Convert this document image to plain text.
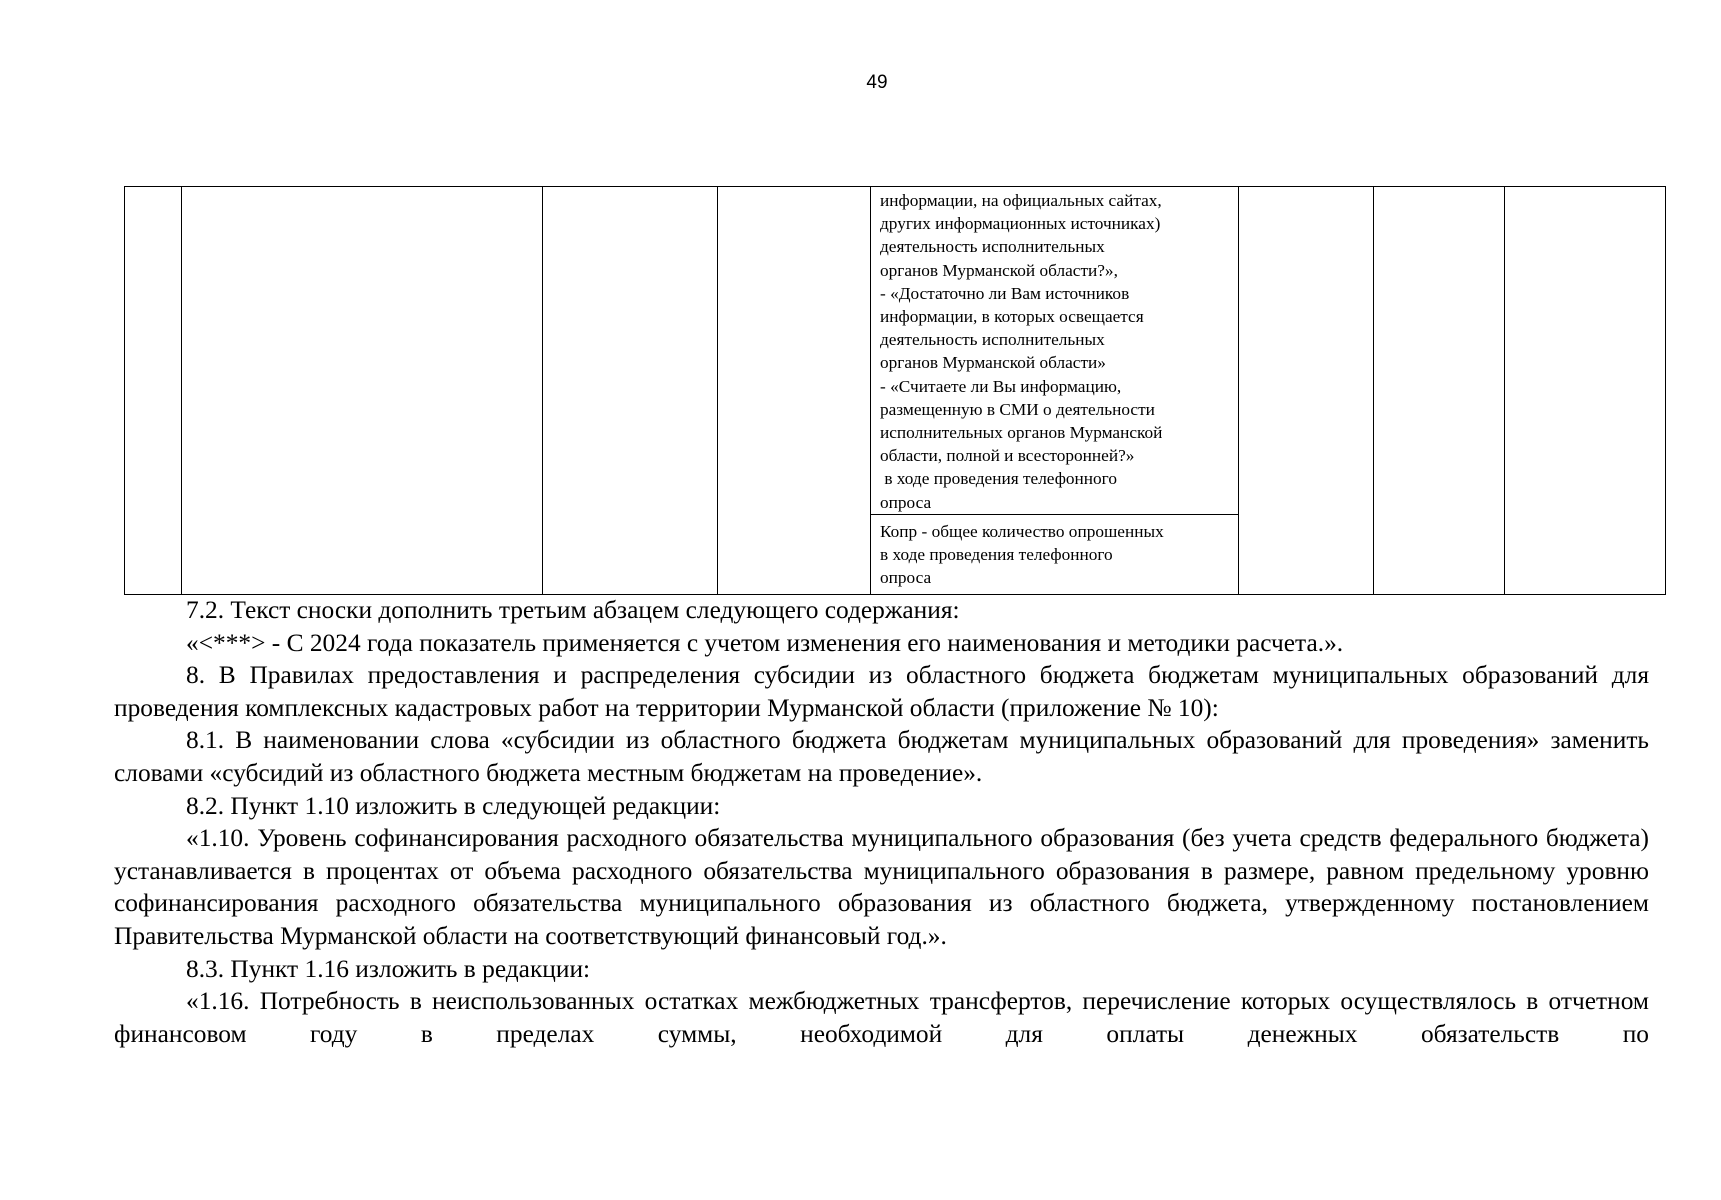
49
информации, на официальных сайтах,
других информационных источниках)
деятельность исполнительных
органов Мурманской области?»,
- «Достаточно ли Вам источников
информации, в которых освещается
деятельность исполнительных
органов Мурманской области»
- «Считаете ли Вы информацию,
размещенную в СМИ о деятельности
исполнительных органов Мурманской
области, полной и всесторонней?»
в ходе проведения телефонного
опроса
Копр - общее количество опрошенных
в ходе проведения телефонного
опроса

7.2. Текст сноски дополнить третьим абзацем следующего содержания:

«<***> - С 2024 года показатель применяется с учетом изменения его наименования и методики расчета.».

8. В Правилах предоставления и распределения субсидии из областного бюджета бюджетам муниципальных образований для проведения комплексных кадастровых работ на территории Мурманской области (приложение № 10):

8.1. В наименовании слова «субсидии из областного бюджета бюджетам муниципальных образований для проведения» заменить словами «субсидий из областного бюджета местным бюджетам на проведение».

8.2. Пункт 1.10 изложить в следующей редакции:

«1.10. Уровень софинансирования расходного обязательства муниципального образования (без учета средств федерального бюджета) устанавливается в процентах от объема расходного обязательства муниципального образования в размере, равном предельному уровню софинансирования расходного обязательства муниципального образования из областного бюджета, утвержденному постановлением Правительства Мурманской области на соответствующий финансовый год.».

8.3. Пункт 1.16 изложить в редакции:

«1.16. Потребность в неиспользованных остатках межбюджетных трансфертов, перечисление которых осуществлялось в отчетном финансовом году в пределах суммы, необходимой для оплаты денежных обязательств по
